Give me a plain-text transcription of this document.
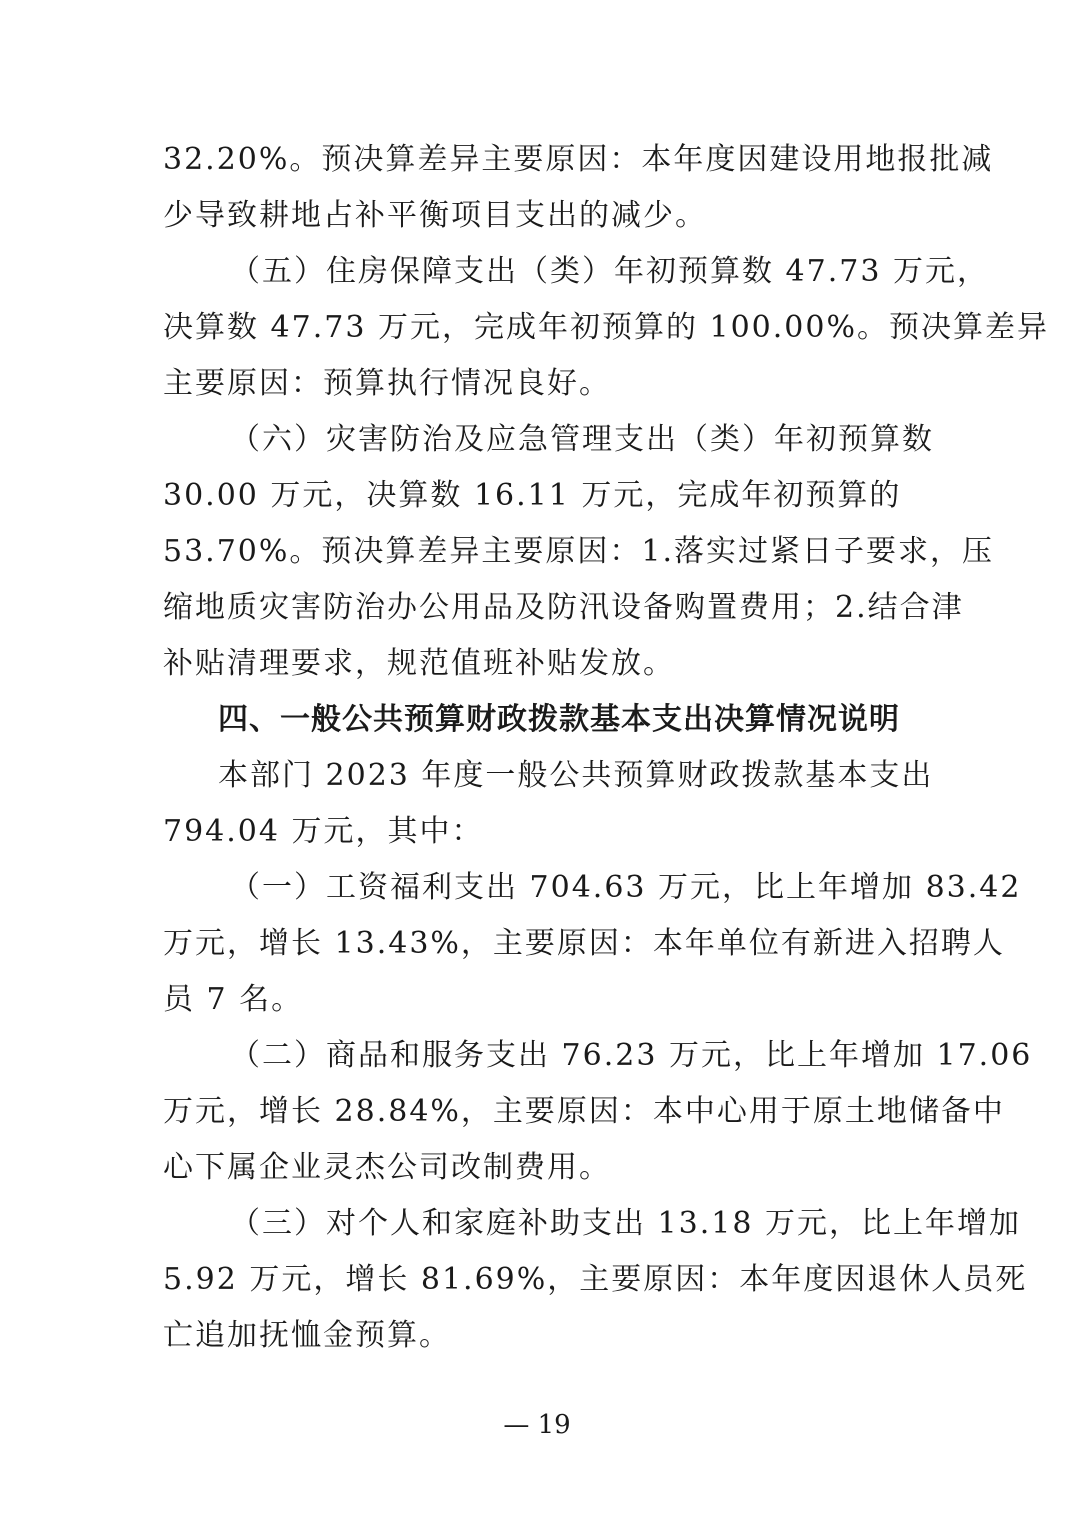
32.20%。预决算差异主要原因：本年度因建设用地报批减
少导致耕地占补平衡项目支出的减少。
（五）住房保障支出（类）年初预算数 47.73 万元，
决算数 47.73 万元，完成年初预算的 100.00%。预决算差异
主要原因：预算执行情况良好。
（六）灾害防治及应急管理支出（类）年初预算数
30.00 万元，决算数 16.11 万元，完成年初预算的
53.70%。预决算差异主要原因：1.落实过紧日子要求，压
缩地质灾害防治办公用品及防汛设备购置费用；2.结合津
补贴清理要求，规范值班补贴发放。
四、一般公共预算财政拨款基本支出决算情况说明
本部门 2023 年度一般公共预算财政拨款基本支出
794.04 万元，其中：
（一）工资福利支出 704.63 万元，比上年增加 83.42
万元，增长 13.43%，主要原因：本年单位有新进入招聘人
员 7 名。
（二）商品和服务支出 76.23 万元，比上年增加 17.06
万元，增长 28.84%，主要原因：本中心用于原土地储备中
心下属企业灵杰公司改制费用。
（三）对个人和家庭补助支出 13.18 万元，比上年增加
5.92 万元，增长 81.69%，主要原因：本年度因退休人员死
亡追加抚恤金预算。
— 19
